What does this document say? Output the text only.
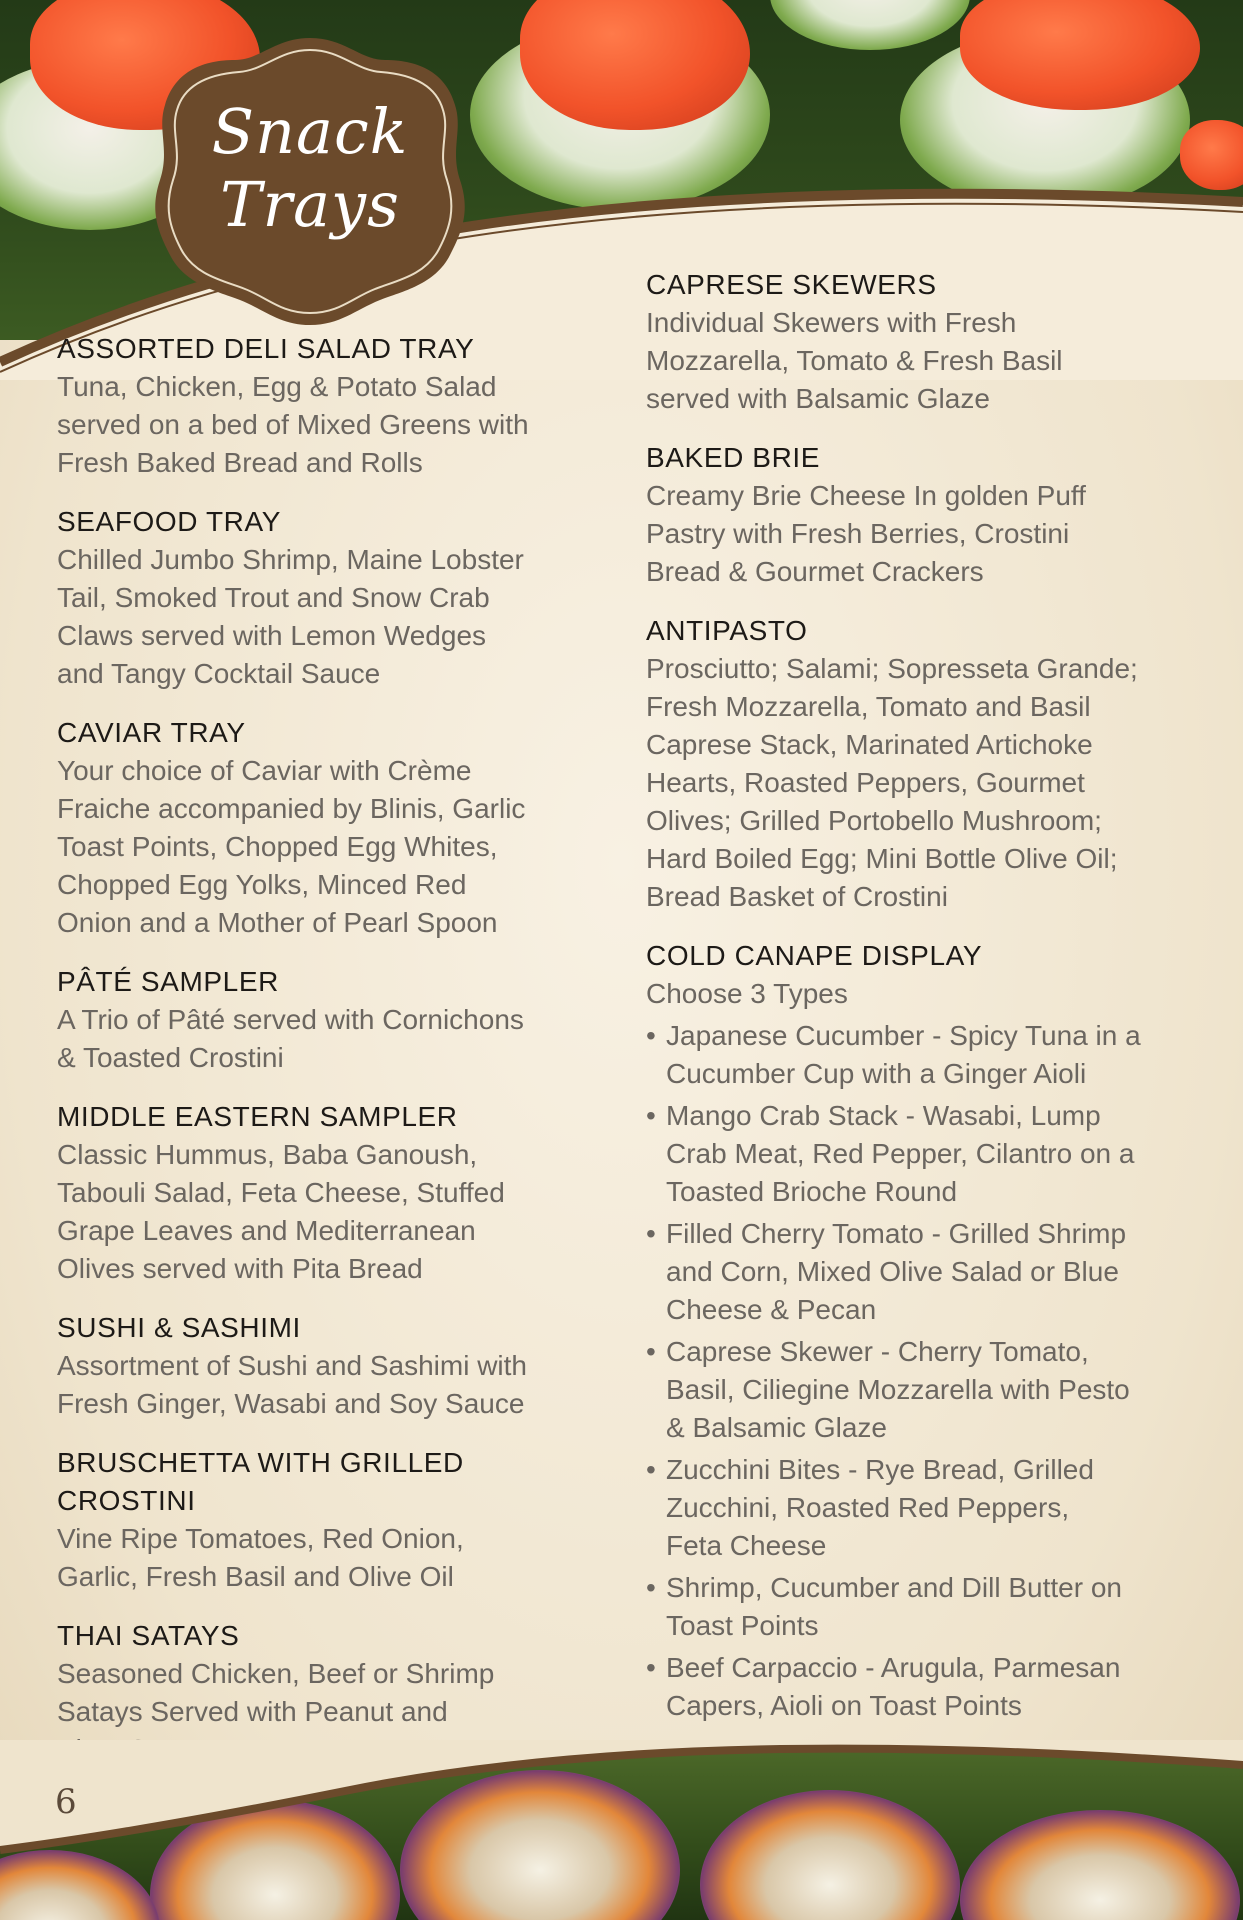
Snack
Trays
ASSORTED DELI SALAD TRAY
Tuna, Chicken, Egg & Potato Salad
served on a bed of Mixed Greens with
Fresh Baked Bread and Rolls
SEAFOOD TRAY
Chilled Jumbo Shrimp, Maine Lobster
Tail, Smoked Trout and Snow Crab
Claws served with Lemon Wedges
and Tangy Cocktail Sauce
CAVIAR TRAY
Your choice of Caviar with Crème
Fraiche accompanied by Blinis, Garlic
Toast Points, Chopped Egg Whites,
Chopped Egg Yolks, Minced Red
Onion and a Mother of Pearl Spoon
PÂTÉ SAMPLER
A Trio of Pâté served with Cornichons
& Toasted Crostini
MIDDLE EASTERN SAMPLER
Classic Hummus, Baba Ganoush,
Tabouli Salad, Feta Cheese, Stuffed
Grape Leaves and Mediterranean
Olives served with Pita Bread
SUSHI & SASHIMI
Assortment of Sushi and Sashimi with
Fresh Ginger, Wasabi and Soy Sauce
BRUSCHETTA WITH GRILLED
CROSTINI
Vine Ripe Tomatoes, Red Onion,
Garlic, Fresh Basil and Olive Oil
THAI SATAYS
Seasoned Chicken, Beef or Shrimp
Satays Served with Peanut and
CAPRESE SKEWERS
Individual Skewers with Fresh
Mozzarella, Tomato & Fresh Basil
served with Balsamic Glaze
BAKED BRIE
Creamy Brie Cheese In golden Puff
Pastry with Fresh Berries, Crostini
Bread & Gourmet Crackers
ANTIPASTO
Prosciutto; Salami; Sopresseta Grande;
Fresh Mozzarella, Tomato and Basil
Caprese Stack, Marinated Artichoke
Hearts, Roasted Peppers, Gourmet
Olives; Grilled Portobello Mushroom;
Hard Boiled Egg; Mini Bottle Olive Oil;
Bread Basket of Crostini
COLD CANAPE DISPLAY
Choose 3 Types
• Japanese Cucumber - Spicy Tuna in a
Cucumber Cup with a Ginger Aioli
• Mango Crab Stack - Wasabi, Lump
Crab Meat, Red Pepper, Cilantro on a
Toasted Brioche Round
• Filled Cherry Tomato - Grilled Shrimp
and Corn, Mixed Olive Salad or Blue
Cheese & Pecan
• Caprese Skewer - Cherry Tomato,
Basil, Ciliegine Mozzarella with Pesto
& Balsamic Glaze
• Zucchini Bites - Rye Bread, Grilled
Zucchini, Roasted Red Peppers,
Feta Cheese
• Shrimp, Cucumber and Dill Butter on
Toast Points
• Beef Carpaccio - Arugula, Parmesan
Capers, Aioli on Toast Points
6
